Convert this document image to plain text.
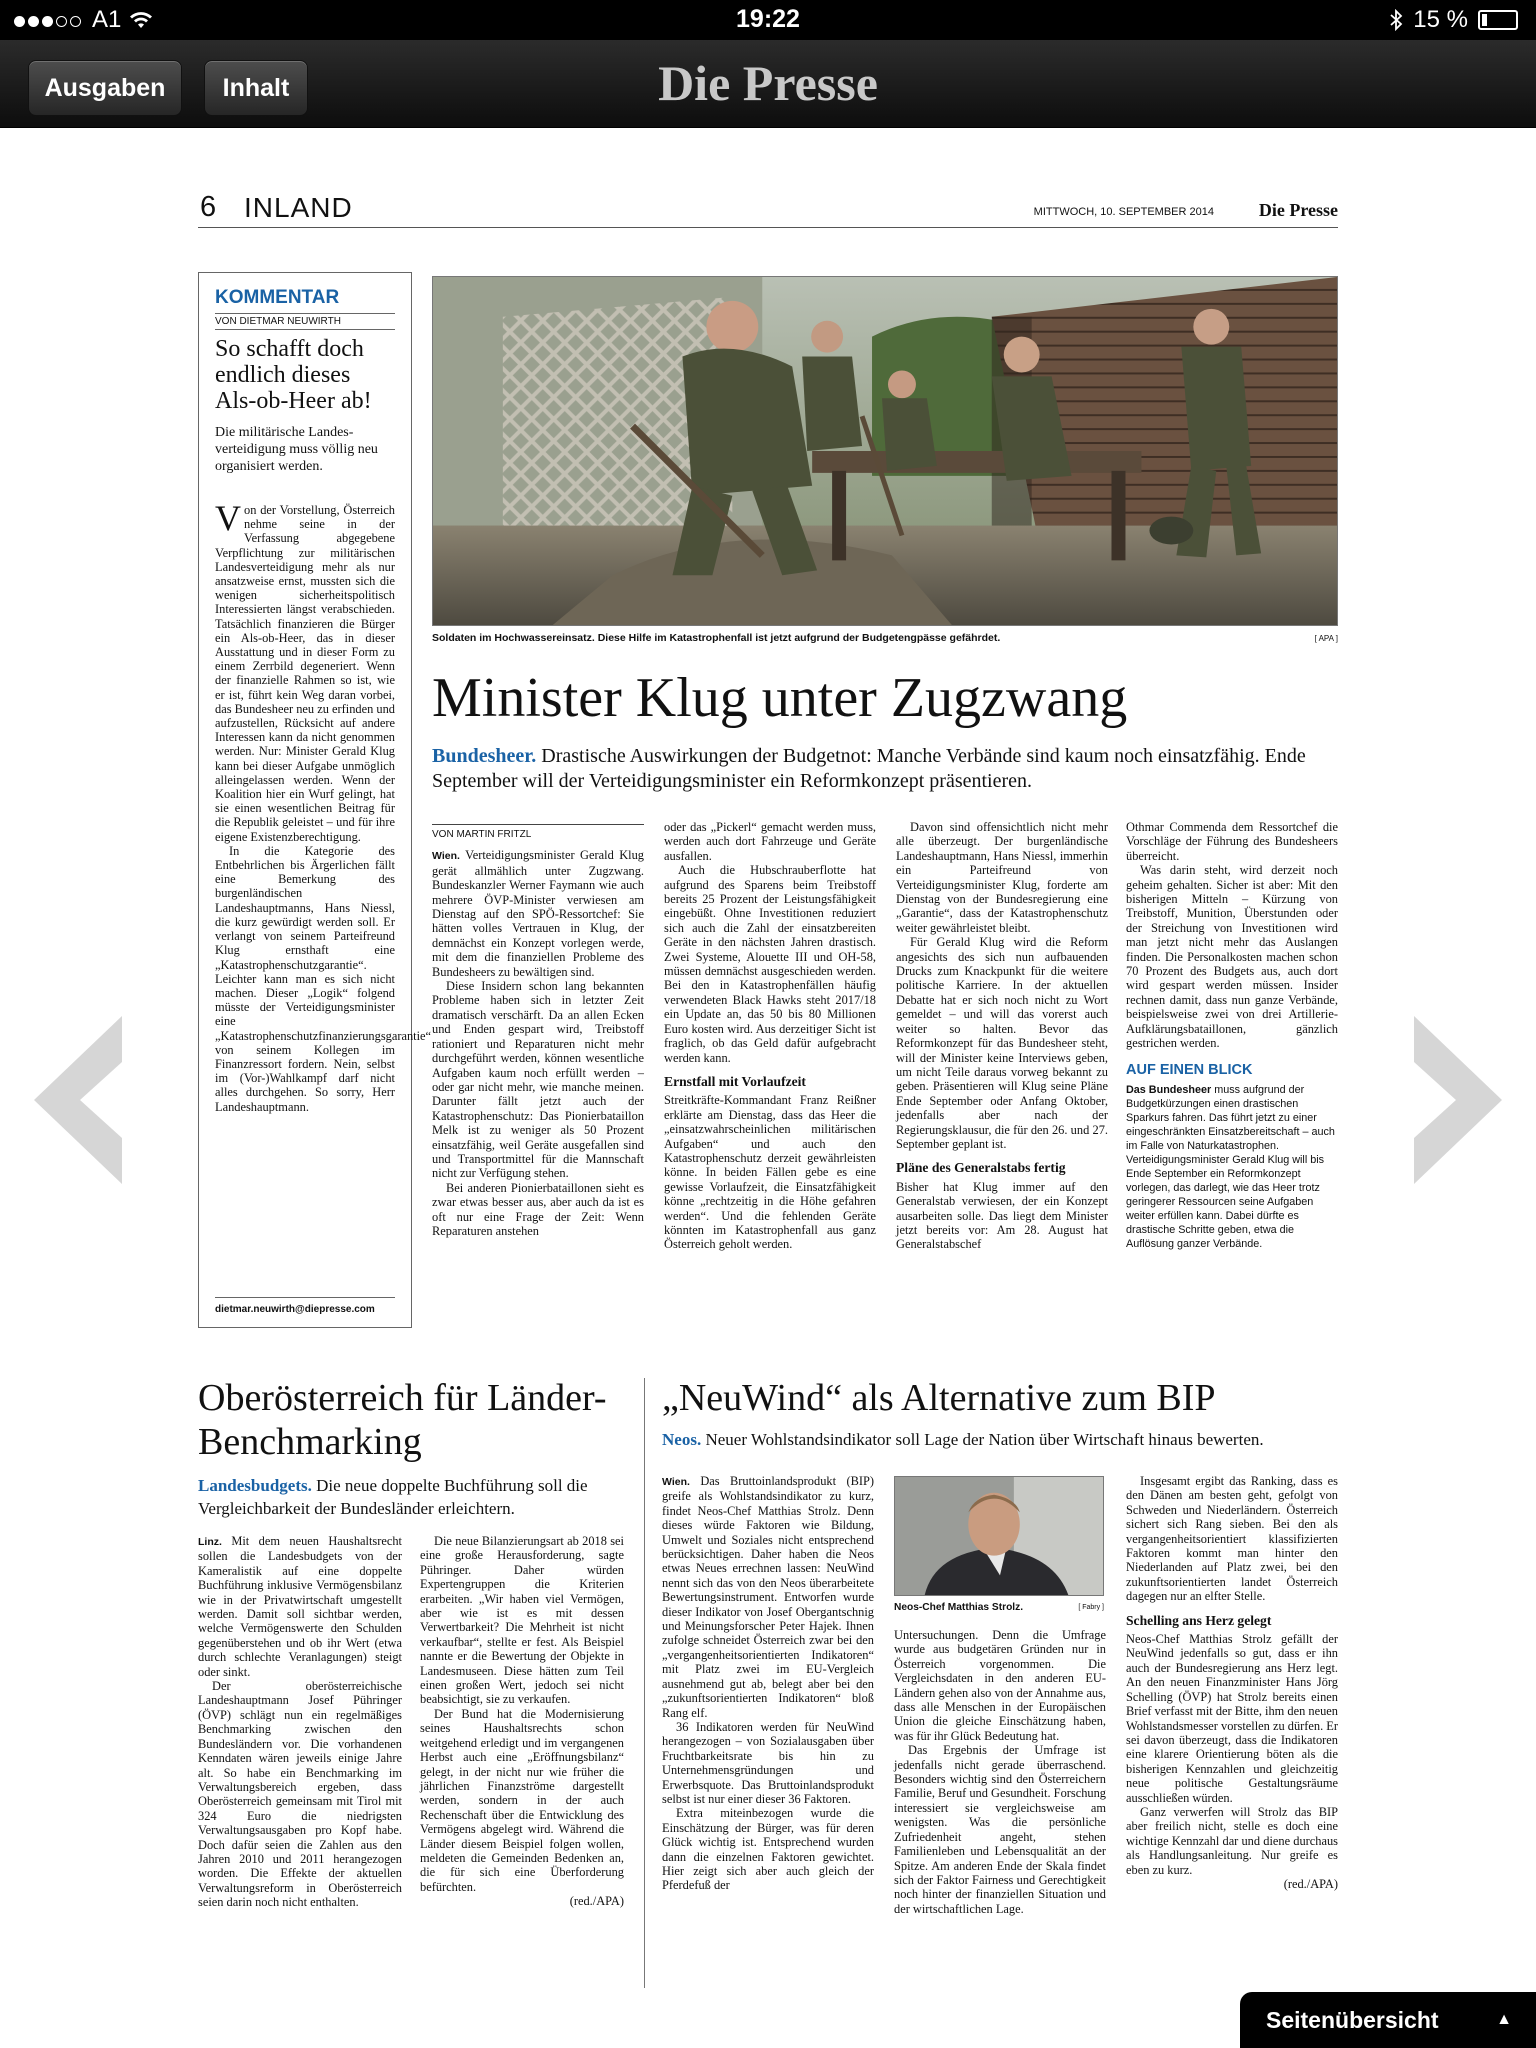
A1	19:22	15 %
Ausgaben	Inhalt	Die Presse
6 INLAND	MITTWOCH, 10. SEPTEMBER 2014 Die Presse
KOMMENTAR
VON DIETMAR NEUWIRTH
So schafft doch endlich dieses Als-ob-Heer ab!
Die militärische Landesverteidigung muss völlig neu organisiert werden.
V on der Vorstellung, Österreich nehme seine in der Verfassung abgegebene Verpflichtung zur militärischen Landesverteidigung mehr als nur ansatzweise ernst, mussten sich die wenigen sicherheitspolitisch Interessierten längst verabschieden. Tatsächlich finanzieren die Bürger ein Als-ob-Heer, das in dieser Ausstattung und in dieser Form zu einem Zerrbild degeneriert. Wenn der finanzielle Rahmen so ist, wie er ist, führt kein Weg daran vorbei, das Bundesheer neu zu erfinden und aufzustellen, Rücksicht auf andere Interessen kann da nicht genommen werden. Nur: Minister Gerald Klug kann bei dieser Aufgabe unmöglich alleingelassen werden. Wenn der Koalition hier ein Wurf gelingt, hat sie einen wesentlichen Beitrag für die Republik geleistet – und für ihre eigene Existenzberechtigung.

In die Kategorie des Entbehrlichen bis Ärgerlichen fällt eine Bemerkung des burgenländischen Landeshauptmanns, Hans Niessl, die kurz gewürdigt werden soll. Er verlangt von seinem Parteifreund Klug ernsthaft eine „Katastrophenschutzgarantie“. Leichter kann man es sich nicht machen. Dieser „Logik“ folgend müsste der Verteidigungsminister eine „Katastrophenschutzfinanzierungsgarantie“ von seinem Kollegen im Finanzressort fordern. Nein, selbst im (Vor-)Wahlkampf darf nicht alles durchgehen. So sorry, Herr Landeshauptmann.

dietmar.neuwirth@diepresse.com
Soldaten im Hochwassereinsatz. Diese Hilfe im Katastrophenfall ist jetzt aufgrund der Budgetengpässe gefährdet.	[ APA ]
Minister Klug unter Zugzwang
Bundesheer. Drastische Auswirkungen der Budgetnot: Manche Verbände sind kaum noch einsatzfähig. Ende September will der Verteidigungsminister ein Reformkonzept präsentieren.
VON MARTIN FRITZL

Wien. Verteidigungsminister Gerald Klug gerät allmählich unter Zugzwang. Bundeskanzler Werner Faymann wie auch mehrere ÖVP-Minister verwiesen am Dienstag auf den SPÖ-Ressortchef: Sie hätten volles Vertrauen in Klug, der demnächst ein Konzept vorlegen werde, mit dem die finanziellen Probleme des Bundesheers zu bewältigen sind.

Diese Insidern schon lang bekannten Probleme haben sich in letzter Zeit dramatisch verschärft. Da an allen Ecken und Enden gespart wird, Treibstoff rationiert und Reparaturen nicht mehr durchgeführt werden, können wesentliche Aufgaben kaum noch erfüllt werden – oder gar nicht mehr, wie manche meinen. Darunter fällt jetzt auch der Katastrophenschutz: Das Pionierbataillon Melk ist zu weniger als 50 Prozent einsatzfähig, weil Geräte ausgefallen sind und Transportmittel für die Mannschaft nicht zur Verfügung stehen.

Bei anderen Pionierbataillonen sieht es zwar etwas besser aus, aber auch da ist es oft nur eine Frage der Zeit: Wenn Reparaturen anstehen

oder das „Pickerl“ gemacht werden muss, werden auch dort Fahrzeuge und Geräte ausfallen.

Auch die Hubschrauberflotte hat aufgrund des Sparens beim Treibstoff bereits 25 Prozent der Leistungsfähigkeit eingebüßt. Ohne Investitionen reduziert sich auch die Zahl der einsatzbereiten Geräte in den nächsten Jahren drastisch. Zwei Systeme, Alouette III und OH-58, müssen demnächst ausgeschieden werden. Bei den in Katastrophenfällen häufig verwendeten Black Hawks steht 2017/18 ein Update an, das 50 bis 80 Millionen Euro kosten wird. Aus derzeitiger Sicht ist fraglich, ob das Geld dafür aufgebracht werden kann.

Ernstfall mit Vorlaufzeit

Streitkräfte-Kommandant Franz Reißner erklärte am Dienstag, dass das Heer die „einsatzwahrscheinlichen militärischen Aufgaben“ und auch den Katastrophenschutz derzeit gewährleisten könne. In beiden Fällen gebe es eine gewisse Vorlaufzeit, die Einsatzfähigkeit könne „rechtzeitig in die Höhe gefahren werden“. Und die fehlenden Geräte könnten im Katastrophenfall aus ganz Österreich geholt werden.

Davon sind offensichtlich nicht mehr alle überzeugt. Der burgenländische Landeshauptmann, Hans Niessl, immerhin ein Parteifreund von Verteidigungsminister Klug, forderte am Dienstag von der Bundesregierung eine „Garantie“, dass der Katastrophenschutz weiter gewährleistet bleibt.

Für Gerald Klug wird die Reform angesichts des sich nun aufbauenden Drucks zum Knackpunkt für die weitere politische Karriere. In der aktuellen Debatte hat er sich noch nicht zu Wort gemeldet – und will das vorerst auch weiter so halten. Bevor das Reformkonzept für das Bundesheer steht, will der Minister keine Interviews geben, um nicht Teile daraus vorweg bekannt zu geben. Präsentieren will Klug seine Pläne Ende September oder Anfang Oktober, jedenfalls aber nach der Regierungsklausur, die für den 26. und 27. September geplant ist.

Pläne des Generalstabs fertig

Bisher hat Klug immer auf den Generalstab verwiesen, der ein Konzept ausarbeiten solle. Das liegt dem Minister jetzt bereits vor: Am 28. August hat Generalstabschef

Othmar Commenda dem Ressortchef die Vorschläge der Führung des Bundesheers überreicht.

Was darin steht, wird derzeit noch geheim gehalten. Sicher ist aber: Mit den bisherigen Mitteln – Kürzung von Treibstoff, Munition, Überstunden oder der Streichung von Investitionen wird man jetzt nicht mehr das Auslangen finden. Die Personalkosten machen schon 70 Prozent des Budgets aus, auch dort wird gespart werden müssen. Insider rechnen damit, dass nun ganze Verbände, beispielsweise zwei von drei Artillerie-Aufklärungsbataillonen, gänzlich gestrichen werden.

AUF EINEN BLICK
Das Bundesheer muss aufgrund der Budgetkürzungen einen drastischen Sparkurs fahren. Das führt jetzt zu einer eingeschränkten Einsatzbereitschaft – auch im Falle von Naturkatastrophen. Verteidigungsminister Gerald Klug will bis Ende September ein Reformkonzept vorlegen, das darlegt, wie das Heer trotz geringerer Ressourcen seine Aufgaben weiter erfüllen kann. Dabei dürfte es drastische Schritte geben, etwa die Auflösung ganzer Verbände.
Oberösterreich für Länder-Benchmarking
Landesbudgets. Die neue doppelte Buchführung soll die Vergleichbarkeit der Bundesländer erleichtern.

Linz. Mit dem neuen Haushaltsrecht sollen die Landesbudgets von der Kameralistik auf eine doppelte Buchführung inklusive Vermögensbilanz wie in der Privatwirtschaft umgestellt werden. Damit soll sichtbar werden, welche Vermögenswerte den Schulden gegenüberstehen und ob ihr Wert (etwa durch schlechte Veranlagungen) steigt oder sinkt.

Der oberösterreichische Landeshauptmann Josef Pühringer (ÖVP) schlägt nun ein regelmäßiges Benchmarking zwischen den Bundesländern vor. Die vorhandenen Kenndaten wären jeweils einige Jahre alt. So habe ein Benchmarking im Verwaltungsbereich ergeben, dass Oberösterreich gemeinsam mit Tirol mit 324 Euro die niedrigsten Verwaltungsausgaben pro Kopf habe. Doch dafür seien die Zahlen aus den Jahren 2010 und 2011 herangezogen worden. Die Effekte der aktuellen Verwaltungsreform in Oberösterreich seien darin noch nicht enthalten.

Die neue Bilanzierungsart ab 2018 sei eine große Herausforderung, sagte Pühringer. Daher würden Expertengruppen die Kriterien erarbeiten. „Wir haben viel Vermögen, aber wie ist es mit dessen Verwertbarkeit? Die Mehrheit ist nicht verkaufbar“, stellte er fest. Als Beispiel nannte er die Bewertung der Objekte in Landesmuseen. Diese hätten zum Teil einen großen Wert, jedoch sei nicht beabsichtigt, sie zu verkaufen.

Der Bund hat die Modernisierung seines Haushaltsrechts schon weitgehend erledigt und im vergangenen Herbst auch eine „Eröffnungsbilanz“ gelegt, in der nicht nur wie früher die jährlichen Finanzströme dargestellt werden, sondern in der auch Rechenschaft über die Entwicklung des Vermögens abgelegt wird. Während die Länder diesem Beispiel folgen wollen, meldeten die Gemeinden Bedenken an, die für sich eine Überforderung befürchten.

(red./APA)
„NeuWind“ als Alternative zum BIP
Neos. Neuer Wohlstandsindikator soll Lage der Nation über Wirtschaft hinaus bewerten.

Wien. Das Bruttoinlandsprodukt (BIP) greife als Wohlstandsindikator zu kurz, findet Neos-Chef Matthias Strolz. Denn dieses würde Faktoren wie Bildung, Umwelt und Soziales nicht entsprechend berücksichtigen. Daher haben die Neos etwas Neues errechnen lassen: NeuWind nennt sich das von den Neos überarbeitete Bewertungsinstrument. Entworfen wurde dieser Indikator von Josef Obergantschnig und Meinungsforscher Peter Hajek. Ihnen zufolge schneidet Österreich zwar bei den „vergangenheitsorientierten Indikatoren“ mit Platz zwei im EU-Vergleich ausnehmend gut ab, belegt aber bei den „zukunftsorientierten Indikatoren“ bloß Rang elf.

36 Indikatoren werden für NeuWind herangezogen – von Sozialausgaben über Fruchtbarkeitsrate bis hin zu Unternehmensgründungen und Erwerbsquote. Das Bruttoinlandsprodukt selbst ist nur einer dieser 36 Faktoren.

Extra miteinbezogen wurde die Einschätzung der Bürger, was für deren Glück wichtig ist. Entsprechend wurden dann die einzelnen Faktoren gewichtet. Hier zeigt sich aber auch gleich der Pferdefuß der

Neos-Chef Matthias Strolz.	[ Fabry ]

Untersuchungen. Denn die Umfrage wurde aus budgetären Gründen nur in Österreich vorgenommen. Die Vergleichsdaten in den anderen EU-Ländern gehen also von der Annahme aus, dass alle Menschen in der Europäischen Union die gleiche Einschätzung haben, was für ihr Glück Bedeutung hat.

Das Ergebnis der Umfrage ist jedenfalls nicht gerade überraschend. Besonders wichtig sind den Österreichern Familie, Beruf und Gesundheit. Forschung interessiert sie vergleichsweise am wenigsten. Was die persönliche Zufriedenheit angeht, stehen Familienleben und Lebensqualität an der Spitze. Am anderen Ende der Skala findet sich der Faktor Fairness und Gerechtigkeit noch hinter der finanziellen Situation und der wirtschaftlichen Lage.

Insgesamt ergibt das Ranking, dass es den Dänen am besten geht, gefolgt von Schweden und Niederländern. Österreich sichert sich Rang sieben. Bei den als vergangenheitsorientiert klassifizierten Faktoren kommt man hinter den Niederlanden auf Platz zwei, bei den zukunftsorientierten landet Österreich dagegen nur an elfter Stelle.

Schelling ans Herz gelegt

Neos-Chef Matthias Strolz gefällt der NeuWind jedenfalls so gut, dass er ihn auch der Bundesregierung ans Herz legt. An den neuen Finanzminister Hans Jörg Schelling (ÖVP) hat Strolz bereits einen Brief verfasst mit der Bitte, ihm den neuen Wohlstandsmesser vorstellen zu dürfen. Er sei davon überzeugt, dass die Indikatoren eine klarere Orientierung böten als die bisherigen Kennzahlen und gleichzeitig neue politische Gestaltungsräume ausschließen würden.

Ganz verwerfen will Strolz das BIP aber freilich nicht, stelle es doch eine wichtige Kennzahl dar und diene durchaus als Handlungsanleitung. Nur greife es eben zu kurz.

(red./APA)
Seitenübersicht	▲
